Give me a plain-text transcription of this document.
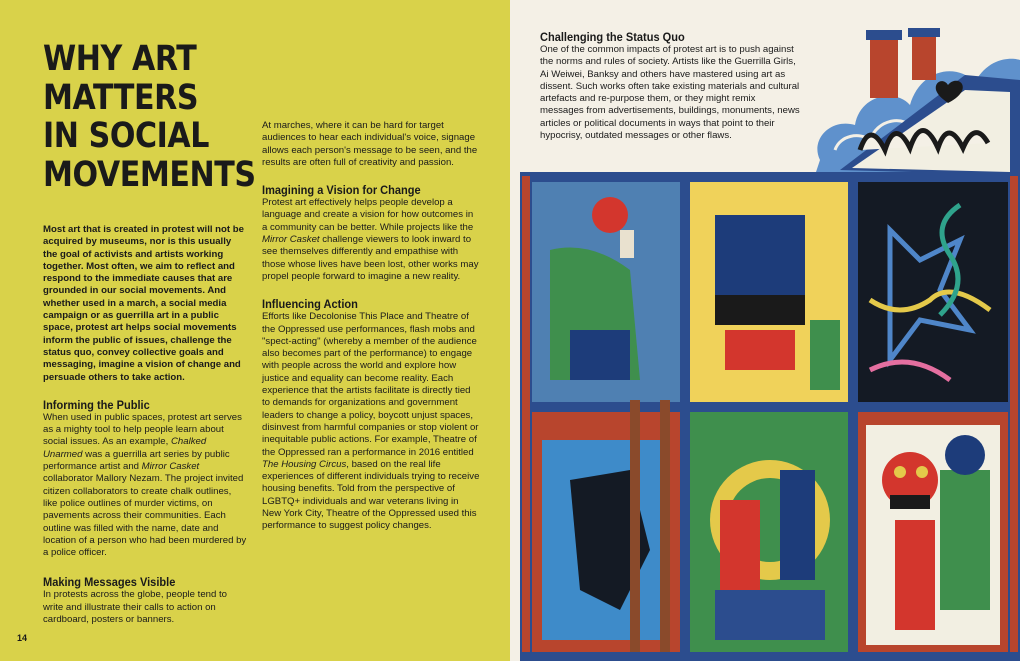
WHY ART
MATTERS
IN SOCIAL
MOVEMENTS

Most art that is created in protest will not be acquired by museums, nor is this usually the goal of activists and artists working together. Most often, we aim to reflect and respond to the immediate causes that are grounded in our social movements. And whether used in a march, a social media campaign or as guerrilla art in a public space, protest art helps social movements inform the public of issues, challenge the status quo, convey collective goals and messaging, imagine a vision of change and persuade others to take action.

Informing the Public

When used in public spaces, protest art serves as a mighty tool to help people learn about social issues. As an example, Chalked Unarmed was a guerrilla art series by public performance artist and Mirror Casket collaborator Mallory Nezam. The project invited citizen collaborators to create chalk outlines, like police outlines of murder victims, on pavements across their communities. Each outline was filled with the name, date and location of a person who had been murdered by a police officer.

Making Messages Visible

In protests across the globe, people tend to write and illustrate their calls to action on cardboard, posters or banners.

At marches, where it can be hard for target audiences to hear each individual's voice, signage allows each person's message to be seen, and the results are often full of creativity and passion.

Imagining a Vision for Change

Protest art effectively helps people develop a language and create a vision for how outcomes in a community can be better. While projects like the Mirror Casket challenge viewers to look inward to see themselves differently and empathise with those whose lives have been lost, other works may propel people forward to imagine a new reality.

Influencing Action

Efforts like Decolonise This Place and Theatre of the Oppressed use performances, flash mobs and "spect-acting" (whereby a member of the audience also becomes part of the performance) to engage with people across the world and explore how justice and equality can become reality. Each experience that the artists facilitate is directly tied to demands for organizations and government leaders to change a policy, boycott unjust spaces, disinvest from harmful companies or stop violent or inequitable public actions. For example, Theatre of the Oppressed ran a performance in 2016 entitled The Housing Circus, based on the real life experiences of different individuals trying to receive housing benefits. Told from the perspective of LGBTQ+ individuals and war veterans living in New York City, Theatre of the Oppressed used this performance to suggest policy changes.

14
Challenging the Status Quo

One of the common impacts of protest art is to push against the norms and rules of society. Artists like the Guerrilla Girls, Ai Weiwei, Banksy and others have mastered using art as dissent. Such works often take existing materials and cultural artefacts and re-purpose them, or they might remix messages from advertisements, buildings, monuments, news articles or political documents in ways that point to their hypocrisy, outdated messages or other flaws.
